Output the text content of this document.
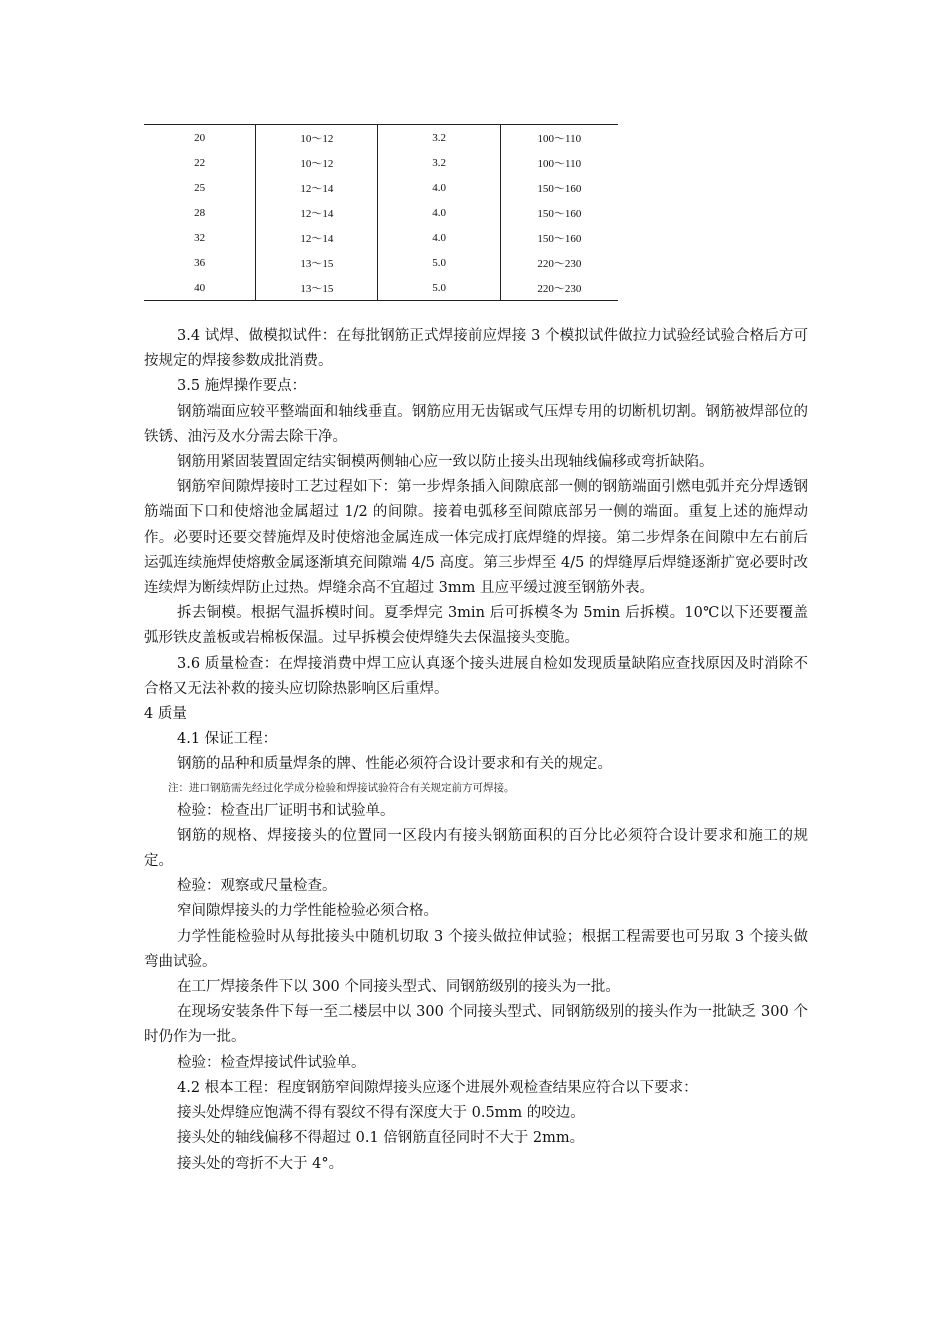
20	10～12	3.2	100～110
22	10～12	3.2	100～110
25	12～14	4.0	150～160
28	12～14	4.0	150～160
32	12～14	4.0	150～160
36	13～15	5.0	220～230
40	13～15	5.0	220～230

3.4 试焊、做模拟试件：在每批钢筋正式焊接前应焊接 3 个模拟试件做拉力试验经试验合格后方可按规定的焊接参数成批消费。

3.5 施焊操作要点：

钢筋端面应较平整端面和轴线垂直。钢筋应用无齿锯或气压焊专用的切断机切割。钢筋被焊部位的铁锈、油污及水分需去除干净。

钢筋用紧固装置固定结实铜模两侧轴心应一致以防止接头出现轴线偏移或弯折缺陷。

钢筋窄间隙焊接时工艺过程如下：第一步焊条插入间隙底部一侧的钢筋端面引燃电弧并充分焊透钢筋端面下口和使熔池金属超过 1/2 的间隙。接着电弧移至间隙底部另一侧的端面。重复上述的施焊动作。必要时还要交替施焊及时使熔池金属连成一体完成打底焊缝的焊接。第二步焊条在间隙中左右前后运弧连续施焊使熔敷金属逐渐填充间隙端 4/5 高度。第三步焊至 4/5 的焊缝厚后焊缝逐渐扩宽必要时改连续焊为断续焊防止过热。焊缝余高不宜超过 3mm 且应平缓过渡至钢筋外表。

拆去铜模。根据气温拆模时间。夏季焊完 3min 后可拆模冬为 5min 后拆模。10℃以下还要覆盖弧形铁皮盖板或岩棉板保温。过早拆模会使焊缝失去保温接头变脆。

3.6 质量检查：在焊接消费中焊工应认真逐个接头进展自检如发现质量缺陷应查找原因及时消除不合格又无法补救的接头应切除热影响区后重焊。

4 质量

4.1 保证工程：

钢筋的品种和质量焊条的牌、性能必须符合设计要求和有关的规定。

注：进口钢筋需先经过化学成分检验和焊接试验符合有关规定前方可焊接。

检验：检查出厂证明书和试验单。

钢筋的规格、焊接接头的位置同一区段内有接头钢筋面积的百分比必须符合设计要求和施工的规定。

检验：观察或尺量检查。

窄间隙焊接头的力学性能检验必须合格。

力学性能检验时从每批接头中随机切取 3 个接头做拉伸试验；根据工程需要也可另取 3 个接头做弯曲试验。

在工厂焊接条件下以 300 个同接头型式、同钢筋级别的接头为一批。

在现场安装条件下每一至二楼层中以 300 个同接头型式、同钢筋级别的接头作为一批缺乏 300 个时仍作为一批。

检验：检查焊接试件试验单。

4.2 根本工程：程度钢筋窄间隙焊接头应逐个进展外观检查结果应符合以下要求：

接头处焊缝应饱满不得有裂纹不得有深度大于 0.5mm 的咬边。

接头处的轴线偏移不得超过 0.1 倍钢筋直径同时不大于 2mm。

接头处的弯折不大于 4°。
